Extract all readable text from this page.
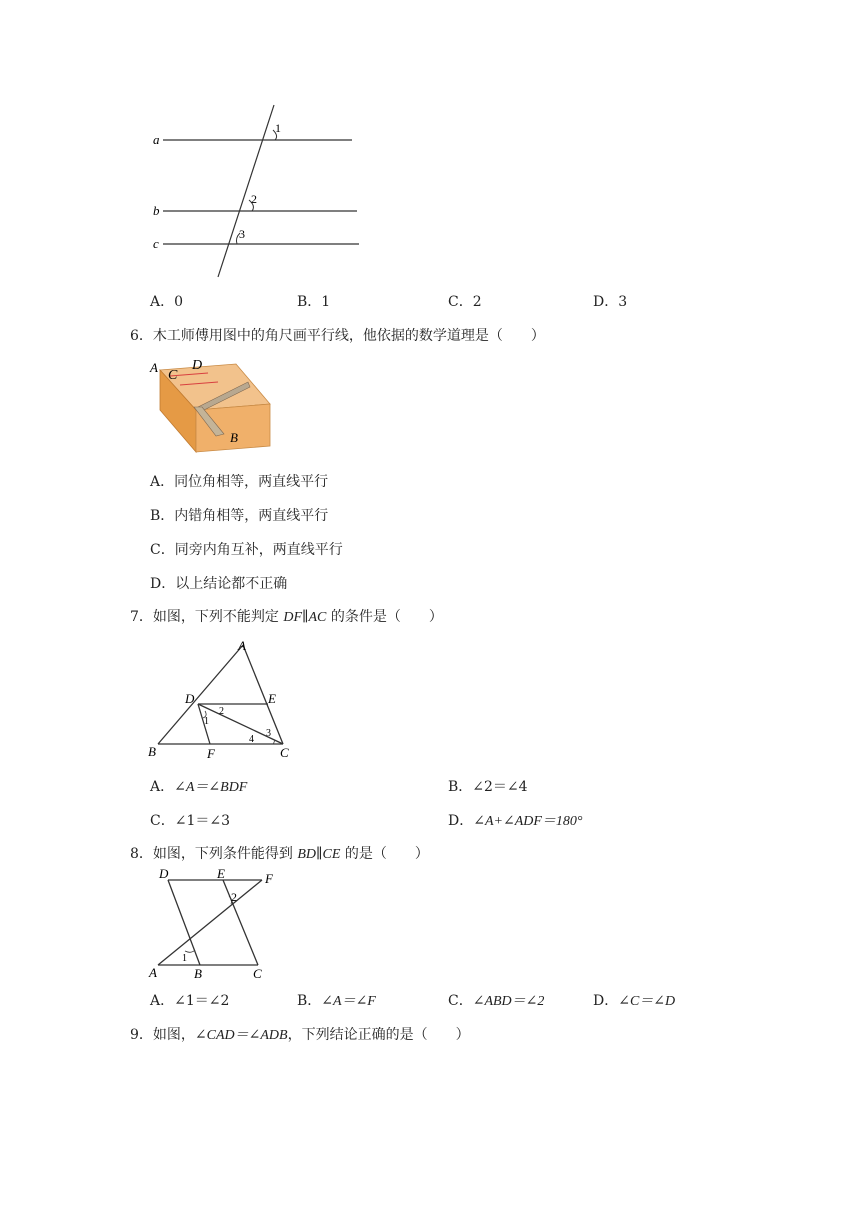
a
b
c
1
2
3
A．0	B．1	C．2	D．3
6．木工师傅用图中的角尺画平行线，他依据的数学道理是（　　）
A
C
D
B
A．同位角相等，两直线平行
B．内错角相等，两直线平行
C．同旁内角互补，两直线平行
D．以上结论都不正确
7．如图，下列不能判定 DF∥AC 的条件是（　　）
A
B	C
D	E
F
1
2
3
4
A．∠A＝∠BDF	B．∠2＝∠4
C．∠1＝∠3	D．∠A+∠ADF＝180°
8．如图，下列条件能得到 BD∥CE 的是（　　）
D	E	F
A	B	C
1
2
A．∠1＝∠2	B．∠A＝∠F	C．∠ABD＝∠2	D．∠C＝∠D
9．如图，∠CAD＝∠ADB，下列结论正确的是（　　）
